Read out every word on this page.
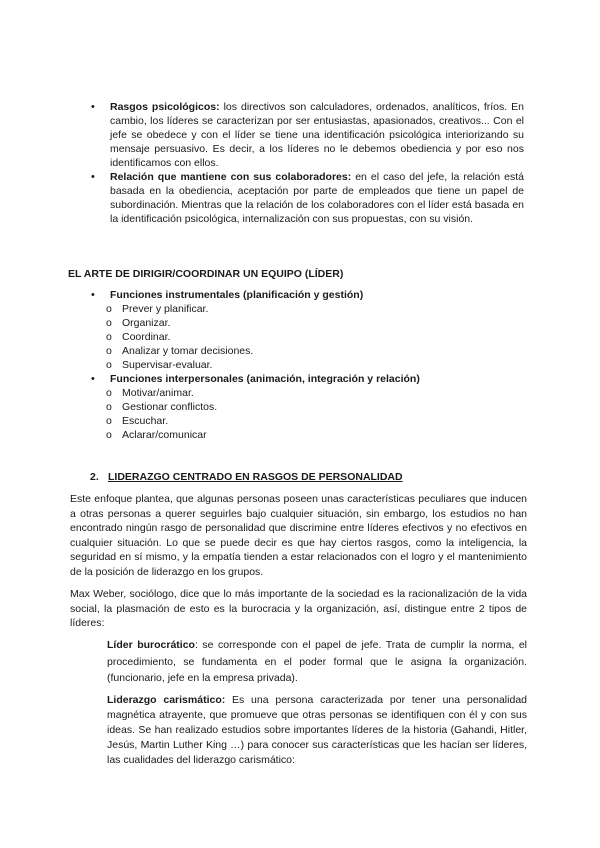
• Rasgos psicológicos: los directivos son calculadores, ordenados, analíticos, fríos. En cambio, los líderes se caracterizan por ser entusiastas, apasionados, creativos... Con el jefe se obedece y con el líder se tiene una identificación psicológica interiorizando su mensaje persuasivo. Es decir, a los líderes no le debemos obediencia y por eso nos identificamos con ellos.
• Relación que mantiene con sus colaboradores: en el caso del jefe, la relación está basada en la obediencia, aceptación por parte de empleados que tiene un papel de subordinación. Mientras que la relación de los colaboradores con el líder está basada en la identificación psicológica, internalización con sus propuestas, con su visión.
EL ARTE DE DIRIGIR/COORDINAR UN EQUIPO (LÍDER)
• Funciones instrumentales (planificación y gestión)
o Prever y planificar.
o Organizar.
o Coordinar.
o Analizar y tomar decisiones.
o Supervisar-evaluar.
• Funciones interpersonales (animación, integración y relación)
o Motivar/animar.
o Gestionar conflictos.
o Escuchar.
o Aclarar/comunicar
2. LIDERAZGO CENTRADO EN RASGOS DE PERSONALIDAD

Este enfoque plantea, que algunas personas poseen unas características peculiares que inducen a otras personas a querer seguirles bajo cualquier situación, sin embargo, los estudios no han encontrado ningún rasgo de personalidad que discrimine entre líderes efectivos y no efectivos en cualquier situación. Lo que se puede decir es que hay ciertos rasgos, como la inteligencia, la seguridad en sí mismo, y la empatía tienden a estar relacionados con el logro y el mantenimiento de la posición de liderazgo en los grupos.

Max Weber, sociólogo, dice que lo más importante de la sociedad es la racionalización de la vida social, la plasmación de esto es la burocracia y la organización, así, distingue entre 2 tipos de líderes:

Líder burocrático: se corresponde con el papel de jefe. Trata de cumplir la norma, el procedimiento, se fundamenta en el poder formal que le asigna la organización. (funcionario, jefe en la empresa privada).

Liderazgo carismático: Es una persona caracterizada por tener una personalidad magnética atrayente, que promueve que otras personas se identifiquen con él y con sus ideas. Se han realizado estudios sobre importantes líderes de la historia (Gahandi, Hitler, Jesús, Martin Luther King …) para conocer sus características que les hacían ser líderes, las cualidades del liderazgo carismático:
